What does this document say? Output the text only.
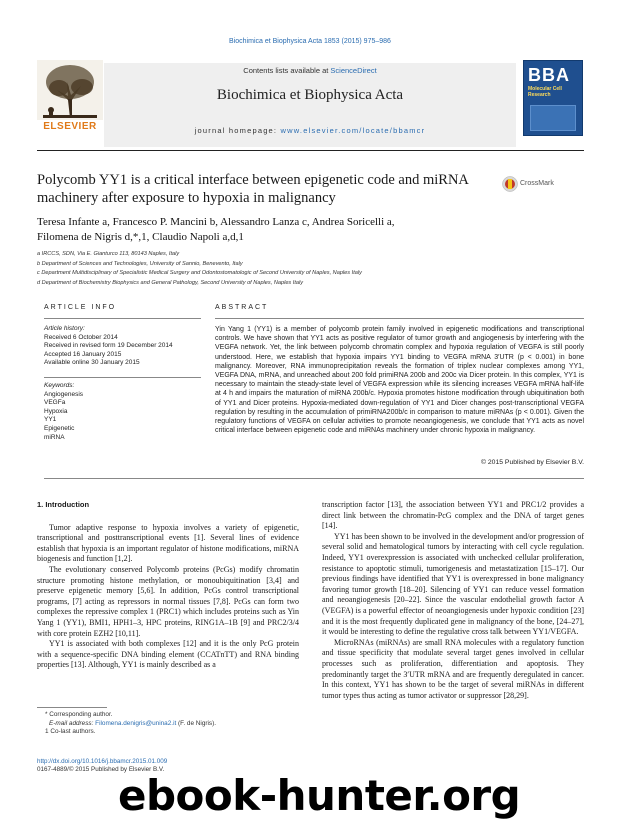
Biochimica et Biophysica Acta 1853 (2015) 975–986
Contents lists available at ScienceDirect
Biochimica et Biophysica Acta
journal homepage: www.elsevier.com/locate/bbamcr
ELSEVIER
BBA
Molecular Cell Research
Polycomb YY1 is a critical interface between epigenetic code and miRNA machinery after exposure to hypoxia in malignancy
CrossMark
Teresa Infante a, Francesco P. Mancini b, Alessandro Lanza c, Andrea Soricelli a,
Filomena de Nigris d,*,1, Claudio Napoli a,d,1
a IRCCS, SDN, Via E. Gianturco 113, 80143 Naples, Italy
b Department of Sciences and Technologies, University of Sannio, Benevento, Italy
c Department Multidisciplinary of Specialistic Medical Surgery and Odontostomatologic of Second University of Naples, Naples Italy
d Department of Biochemistry Biophysics and General Pathology, Second University of Naples, Naples Italy
ARTICLE INFO	ABSTRACT
Article history:
Received 6 October 2014
Received in revised form 19 December 2014
Accepted 16 January 2015
Available online 30 January 2015
Keywords:
Angiogenesis
VEGFa
Hypoxia
YY1
Epigenetic
miRNA
Yin Yang 1 (YY1) is a member of polycomb protein family involved in epigenetic modifications and transcriptional controls. We have shown that YY1 acts as positive regulator of tumor growth and angiogenesis by interfering with the VEGFA network. Yet, the link between polycomb chromatin complex and hypoxia regulation of VEGFA is still poorly understood. Here, we establish that hypoxia impairs YY1 binding to VEGFA mRNA 3′UTR (p < 0.001) in bone malignancy. Moreover, RNA immunoprecipitation reveals the formation of triplex nuclear complexes among YY1, VEGFA DNA, mRNA, and unreached about 200 fold primiRNA 200b and 200c via Dicer protein. In this complex, YY1 is necessary to maintain the steady-state level of VEGFA expression while its silencing increases VEGFA mRNA half-life at 4 h and impairs the maturation of miRNA 200b/c. Hypoxia promotes histone modification through ubiquitination both of YY1 and Dicer proteins. Hypoxia-mediated down-regulation of YY1 and Dicer changes post-transcriptional VEGFA regulation by resulting in the accumulation of primiRNA200b/c in comparison to mature miRNAs (p < 0.001). Given the regulatory functions of VEGFA on cellular activities to promote neoangiogenesis, we conclude that YY1 acts as novel critical interface between epigenetic code and miRNAs machinery under chronic hypoxia in malignancy.
© 2015 Published by Elsevier B.V.
1. Introduction

Tumor adaptive response to hypoxia involves a variety of epigenetic, transcriptional and posttranscriptional events [1]. Several lines of evidence establish that hypoxia is an important regulator of histone modifications, miRNA biogenesis and function [1,2].

The evolutionary conserved Polycomb proteins (PcGs) modify chromatin structure promoting histone methylation, or monoubiquitination [3,4] and preserve epigenetic memory [5,6]. In addition, PcGs control transcriptional programs, [7] acting as repressors in normal tissues [7,8]. PcGs can form two complexes the repressive complex 1 (PRC1) which includes proteins such as Yin Yang 1 (YY1), BMI1, HPH1–3, HPC proteins, RING1A–1B [9] and PRC2/3/4 with core protein EZH2 [10,11].

YY1 is associated with both complexes [12] and it is the only PcG protein with a sequence-specific DNA binding element (CCATnTT) and RNA binding properties [13]. Although, YY1 is mainly described as a

transcription factor [13], the association between YY1 and PRC1/2 provides a direct link between the chromatin-PcG complex and the DNA of target genes [14].

YY1 has been shown to be involved in the development and/or progression of several solid and hematological tumors by interacting with cell cycle regulation. Indeed, YY1 overexpression is associated with unchecked cellular proliferation, resistance to apoptotic stimuli, tumorigenesis and metastatization [15–17]. Our previous findings have identified that YY1 is overexpressed in bone malignancy favoring tumor growth [18–20]. Silencing of YY1 can reduce vessel formation and neoangiogenesis [20–22]. Since the vascular endothelial growth factor A (VEGFA) is a powerful effector of neoangiogenesis under hypoxic condition [23] and it is the most frequently duplicated gene in malignancy of the bone, [24–27], it would be interesting to define the regulative cross talk between YY1/VEGFA.

MicroRNAs (miRNAs) are small RNA molecules with a regulatory function and tissue specificity that modulate several target genes involved in cellular processes such as proliferation, differentiation and apoptosis. They predominantly target the 3′UTR mRNA and are frequently deregulated in cancer. In this context, YY1 has shown to be the target of several miRNAs in different tumor types thus acting as tumor activator or suppressor [28,29].

* Corresponding author.
E-mail address: Filomena.denigris@unina2.it (F. de Nigris).
1 Co-last authors.
http://dx.doi.org/10.1016/j.bbamcr.2015.01.009
0167-4889/© 2015 Published by Elsevier B.V.
ebook-hunter.org
